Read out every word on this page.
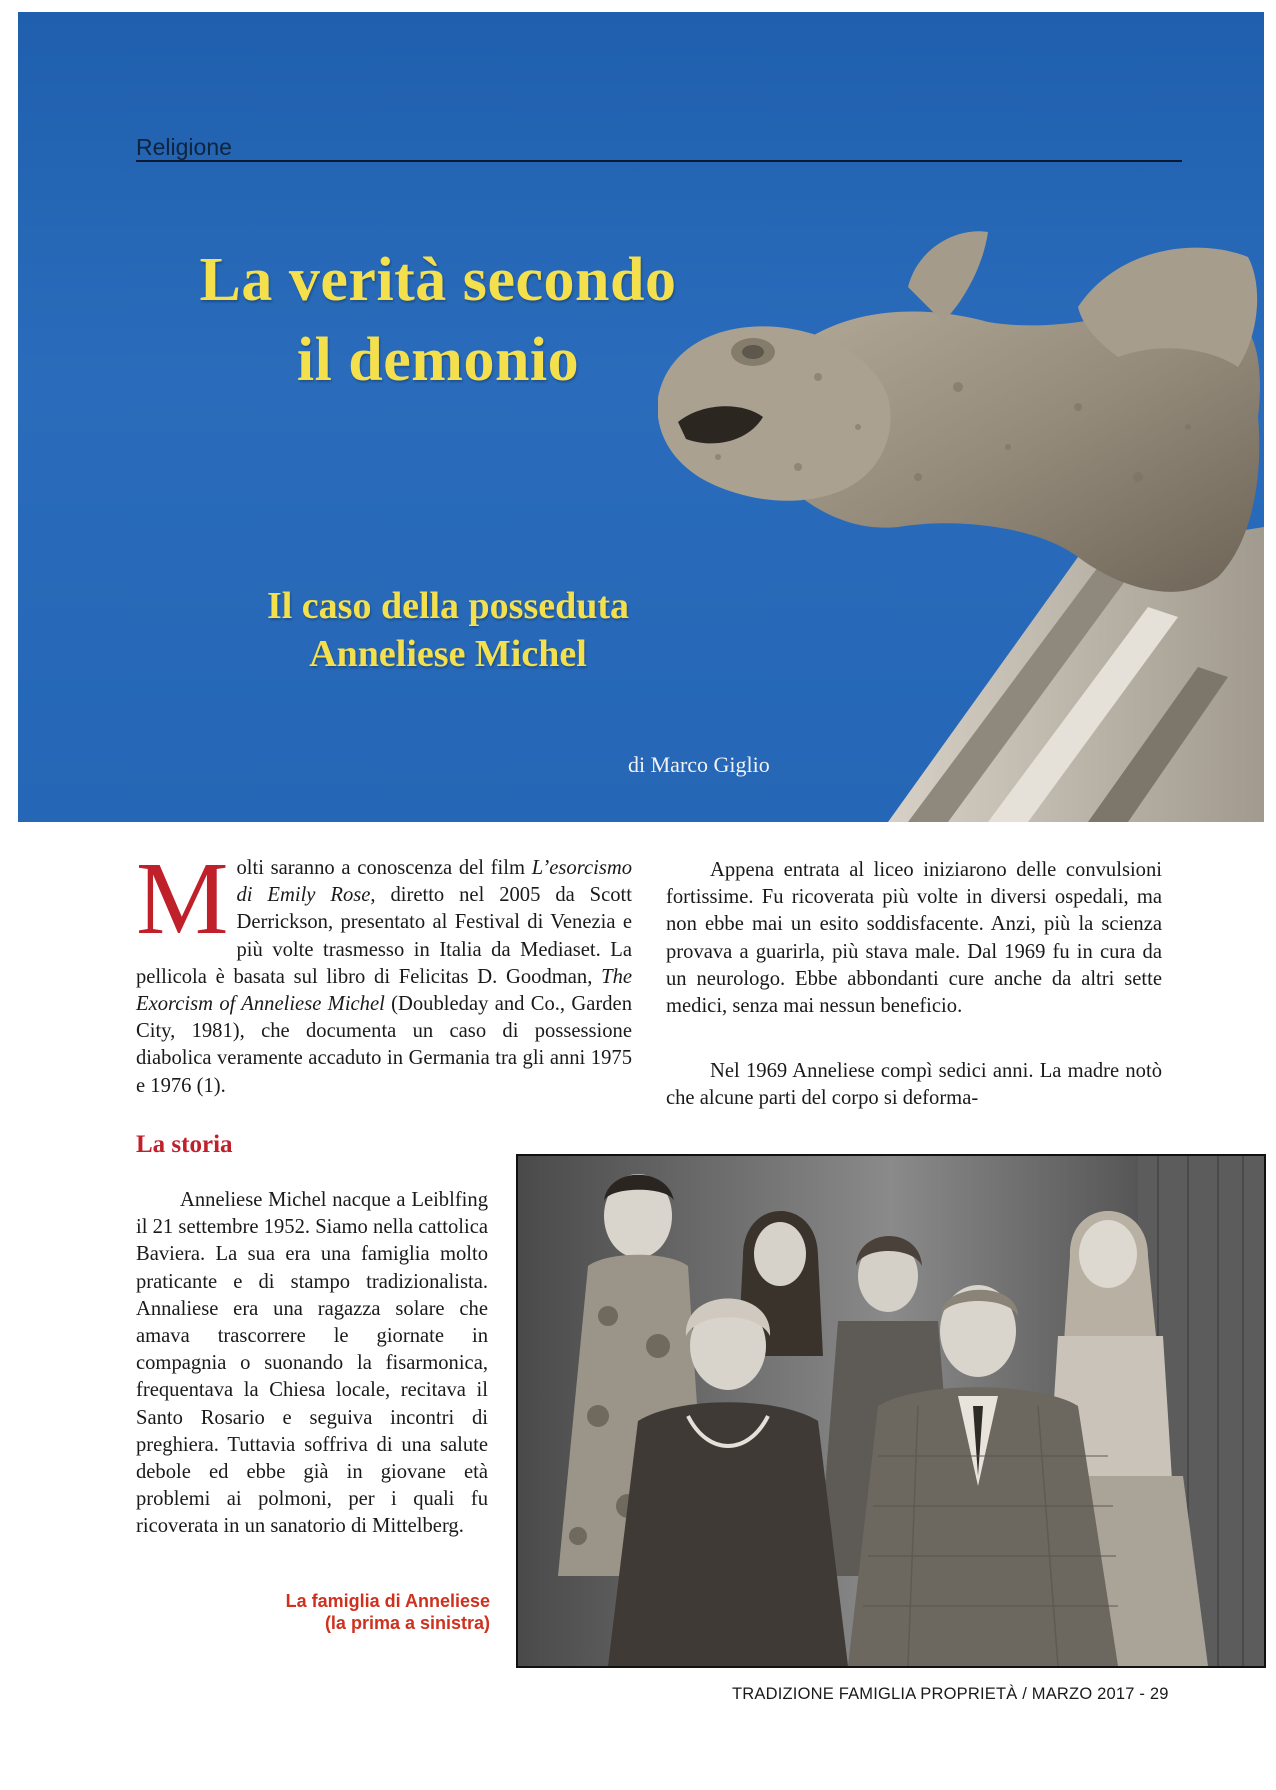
Religione
La verità secondo
il demonio
Il caso della posseduta
Anneliese Michel
di Marco Giglio
Molti saranno a conoscenza del film L’esorcismo di Emily Rose, diretto nel 2005 da Scott Derrickson, presentato al Festival di Venezia e più volte trasmesso in Italia da Mediaset. La pellicola è basata sul libro di Felicitas D. Goodman, The Exorcism of Anneliese Michel (Doubleday and Co., Garden City, 1981), che documenta un caso di possessione diabolica veramente accaduto in Germania tra gli anni 1975 e 1976 (1).
Appena entrata al liceo iniziarono delle convulsioni fortissime. Fu ricoverata più volte in diversi ospedali, ma non ebbe mai un esito soddisfacente. Anzi, più la scienza provava a guarirla, più stava male. Dal 1969 fu in cura da un neurologo. Ebbe abbondanti cure anche da altri sette medici, senza mai nessun beneficio.
Nel 1969 Anneliese compì sedici anni. La madre notò che alcune parti del corpo si deforma-
La storia
Anneliese Michel nacque a Leiblfing il 21 settembre 1952. Siamo nella cattolica Baviera. La sua era una famiglia molto praticante e di stampo tradizionalista. Annaliese era una ragazza solare che amava trascorrere le giornate in compagnia o suonando la fisarmonica, frequentava la Chiesa locale, recitava il Santo Rosario e seguiva incontri di preghiera. Tuttavia soffriva di una salute debole ed ebbe già in giovane età problemi ai polmoni, per i quali fu ricoverata in un sanatorio di Mittelberg.
La famiglia di Anneliese
(la prima a sinistra)
TRADIZIONE FAMIGLIA PROPRIETÀ / MARZO 2017 - 29
